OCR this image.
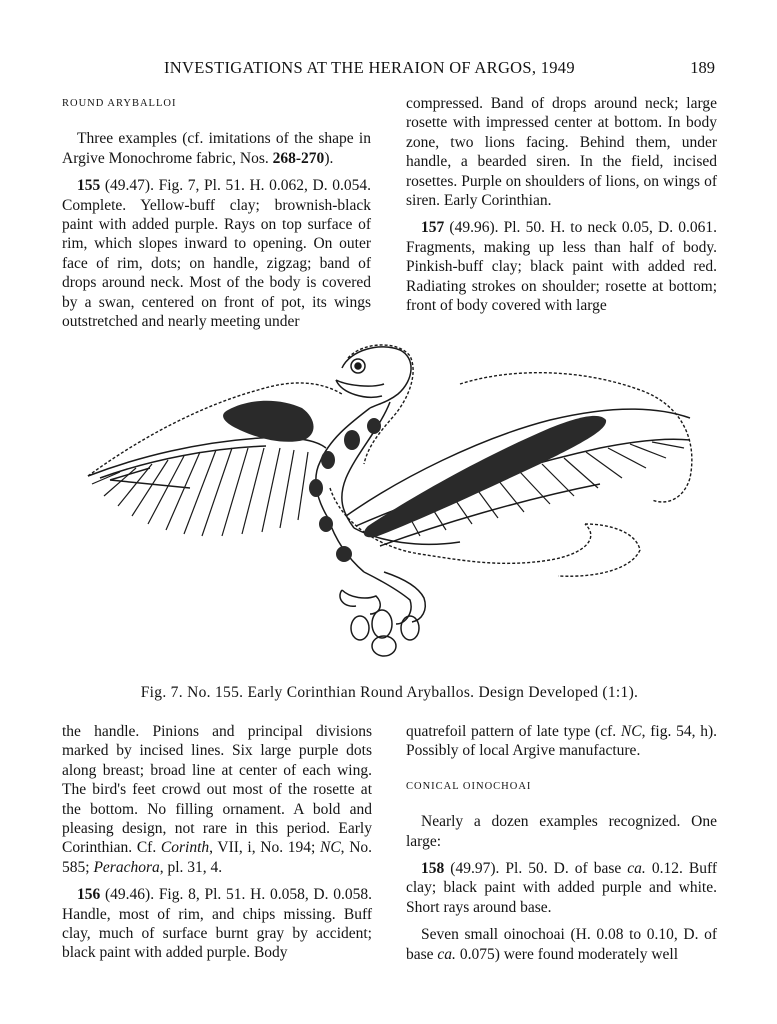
INVESTIGATIONS AT THE HERAION OF ARGOS, 1949	189

ROUND ARYBALLOI

Three examples (cf. imitations of the shape in Argive Monochrome fabric, Nos. 268-270).

155 (49.47). Fig. 7, Pl. 51. H. 0.062, D. 0.054. Complete. Yellow-buff clay; brownish-black paint with added purple. Rays on top surface of rim, which slopes inward to opening. On outer face of rim, dots; on handle, zigzag; band of drops around neck. Most of the body is covered by a swan, centered on front of pot, its wings outstretched and nearly meeting under

compressed. Band of drops around neck; large rosette with impressed center at bottom. In body zone, two lions facing. Behind them, under handle, a bearded siren. In the field, incised rosettes. Purple on shoulders of lions, on wings of siren. Early Corinthian.

157 (49.96). Pl. 50. H. to neck 0.05, D. 0.061. Fragments, making up less than half of body. Pinkish-buff clay; black paint with added red. Radiating strokes on shoulder; rosette at bottom; front of body covered with large

Fig. 7. No. 155. Early Corinthian Round Aryballos. Design Developed (1:1).

the handle. Pinions and principal divisions marked by incised lines. Six large purple dots along breast; broad line at center of each wing. The bird's feet crowd out most of the rosette at the bottom. No filling ornament. A bold and pleasing design, not rare in this period. Early Corinthian. Cf. Corinth, VII, i, No. 194; NC, No. 585; Perachora, pl. 31, 4.

156 (49.46). Fig. 8, Pl. 51. H. 0.058, D. 0.058. Handle, most of rim, and chips missing. Buff clay, much of surface burnt gray by accident; black paint with added purple. Body

quatrefoil pattern of late type (cf. NC, fig. 54, h). Possibly of local Argive manufacture.

CONICAL OINOCHOAI

Nearly a dozen examples recognized. One large:

158 (49.97). Pl. 50. D. of base ca. 0.12. Buff clay; black paint with added purple and white. Short rays around base.

Seven small oinochoai (H. 0.08 to 0.10, D. of base ca. 0.075) were found moderately well
